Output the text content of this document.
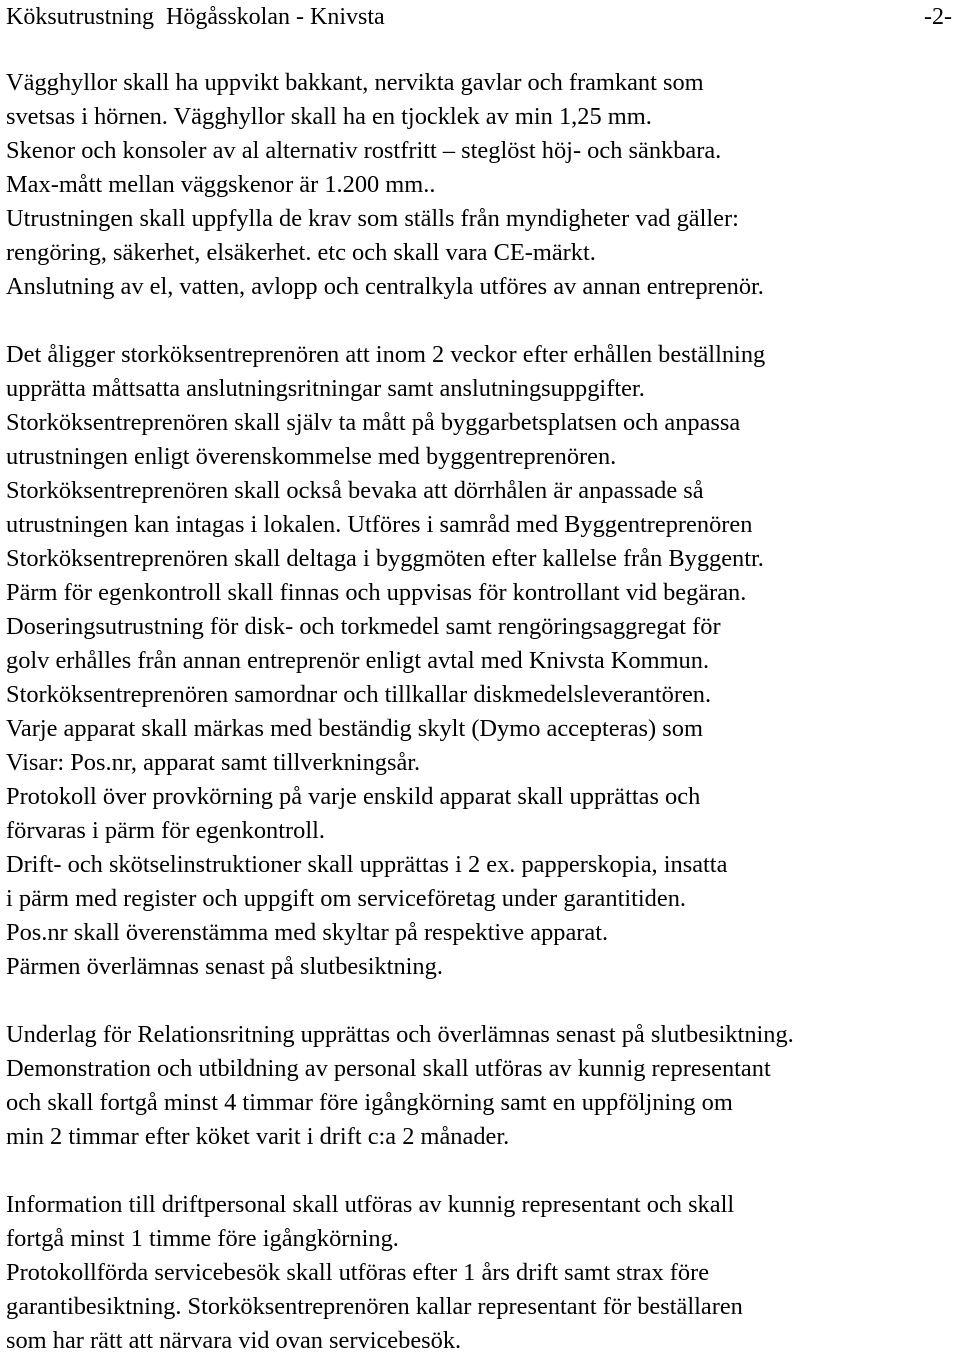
Köksutrustning  Högåsskolan - Knivsta	-2-
Vägghyllor skall ha uppvikt bakkant, nervikta gavlar och framkant som
svetsas i hörnen. Vägghyllor skall ha en tjocklek av min 1,25 mm.
Skenor och konsoler av al alternativ rostfritt – steglöst höj- och sänkbara.
Max-mått mellan väggskenor är 1.200 mm..
Utrustningen skall uppfylla de krav som ställs från myndigheter vad gäller:
rengöring, säkerhet, elsäkerhet. etc och skall vara CE-märkt.
Anslutning av el, vatten, avlopp och centralkyla utföres av annan entreprenör.
Det åligger storköksentreprenören att inom 2 veckor efter erhållen beställning
upprätta måttsatta anslutningsritningar samt anslutningsuppgifter.
Storköksentreprenören skall själv ta mått på byggarbetsplatsen och anpassa
utrustningen enligt överenskommelse med byggentreprenören.
Storköksentreprenören skall också bevaka att dörrhålen är anpassade så
utrustningen kan intagas i lokalen. Utföres i samråd med Byggentreprenören
Storköksentreprenören skall deltaga i byggmöten efter kallelse från Byggentr.
Pärm för egenkontroll skall finnas och uppvisas för kontrollant vid begäran.
Doseringsutrustning för disk- och torkmedel samt rengöringsaggregat för
golv erhålles från annan entreprenör enligt avtal med Knivsta Kommun.
Storköksentreprenören samordnar och tillkallar diskmedelsleverantören.
Varje apparat skall märkas med beständig skylt (Dymo accepteras) som
Visar: Pos.nr, apparat samt tillverkningsår.
Protokoll över provkörning på varje enskild apparat skall upprättas och
förvaras i pärm för egenkontroll.
Drift- och skötselinstruktioner skall upprättas i 2 ex. papperskopia, insatta
i pärm med register och uppgift om serviceföretag under garantitiden.
Pos.nr skall överenstämma med skyltar på respektive apparat.
Pärmen överlämnas senast på slutbesiktning.
Underlag för Relationsritning upprättas och överlämnas senast på slutbesiktning.
Demonstration och utbildning av personal skall utföras av kunnig representant
och skall fortgå minst 4 timmar före igångkörning samt en uppföljning om
min 2 timmar efter köket varit i drift c:a 2 månader.
Information till driftpersonal skall utföras av kunnig representant och skall
fortgå minst 1 timme före igångkörning.
Protokollförda servicebesök skall utföras efter 1 års drift samt strax före
garantibesiktning. Storköksentreprenören kallar representant för beställaren
som har rätt att närvara vid ovan servicebesök.
